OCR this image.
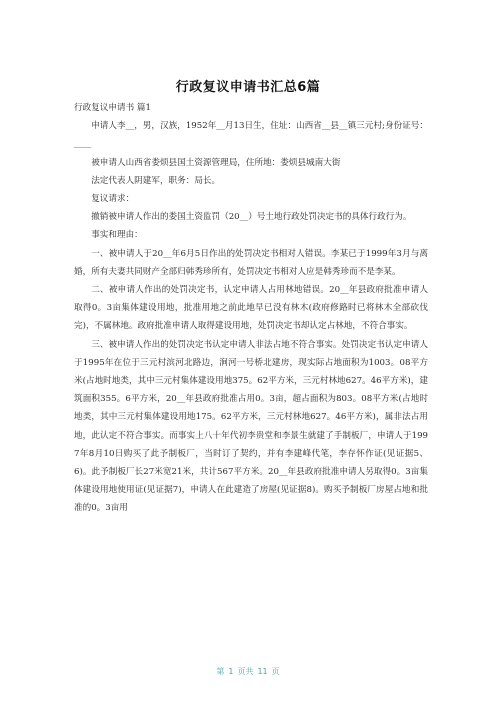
行政复议申请书汇总6篇

行政复议申请书 篇1

申请人李__，男，汉族，1952年__月13日生，住址：山西省__县__镇三元村;身份证号：____

被申请人山西省娄烦县国土资源管理局，住所地：娄烦县城南大街

法定代表人阴建军，职务：局长。

复议请求：

撤销被申请人作出的娄国土资监罚（20__）号土地行政处罚决定书的具体行政行为。

事实和理由：

一、被申请人于20__年6月5日作出的处罚决定书相对人错误。李某已于1999年3月与离婚，所有夫妻共同财产全部归韩秀珍所有，处罚决定书相对人应是韩秀珍而不是李某。

二、被申请人作出的处罚决定书，认定申请人占用林地错误。20__年县政府批准申请人取得0。3亩集体建设用地，批准用地之前此地早已没有林木(政府修路时已将林木全部砍伐完)，不属林地。政府批准申请人取得建设用地，处罚决定书却认定占林地，不符合事实。

三、被申请人作出的处罚决定书认定申请人非法占地不符合事实。处罚决定书认定申请人于1995年在位于三元村滨河北路边，涧河一号桥北建房，现实际占地面积为1003。08平方米(占地时地类，其中三元村集体建设用地375。62平方米，三元村林地627。46平方米)，建筑面积355。6平方米，20__年县政府批准占用0。3亩，超占面积为803。08平方米(占地时地类，其中三元村集体建设用地175。62平方米，三元村林地627。46平方米)，属非法占用地，此认定不符合事实。而事实上八十年代初李贵堂和李景生就建了手制板厂，申请人于1997年8月10日购买了此予制板厂，当时订了契约，并有李建峰代笔，李存怀作证(见证据5、6)。此予制板厂长27米宽21米，共计567平方米。20__年县政府批准申请人另取得0。3亩集体建设用地使用证(见证据7)，申请人在此建造了房屋(见证据8)。购买予制板厂房屋占地和批准的0。3亩用

第 1 页共 11 页
